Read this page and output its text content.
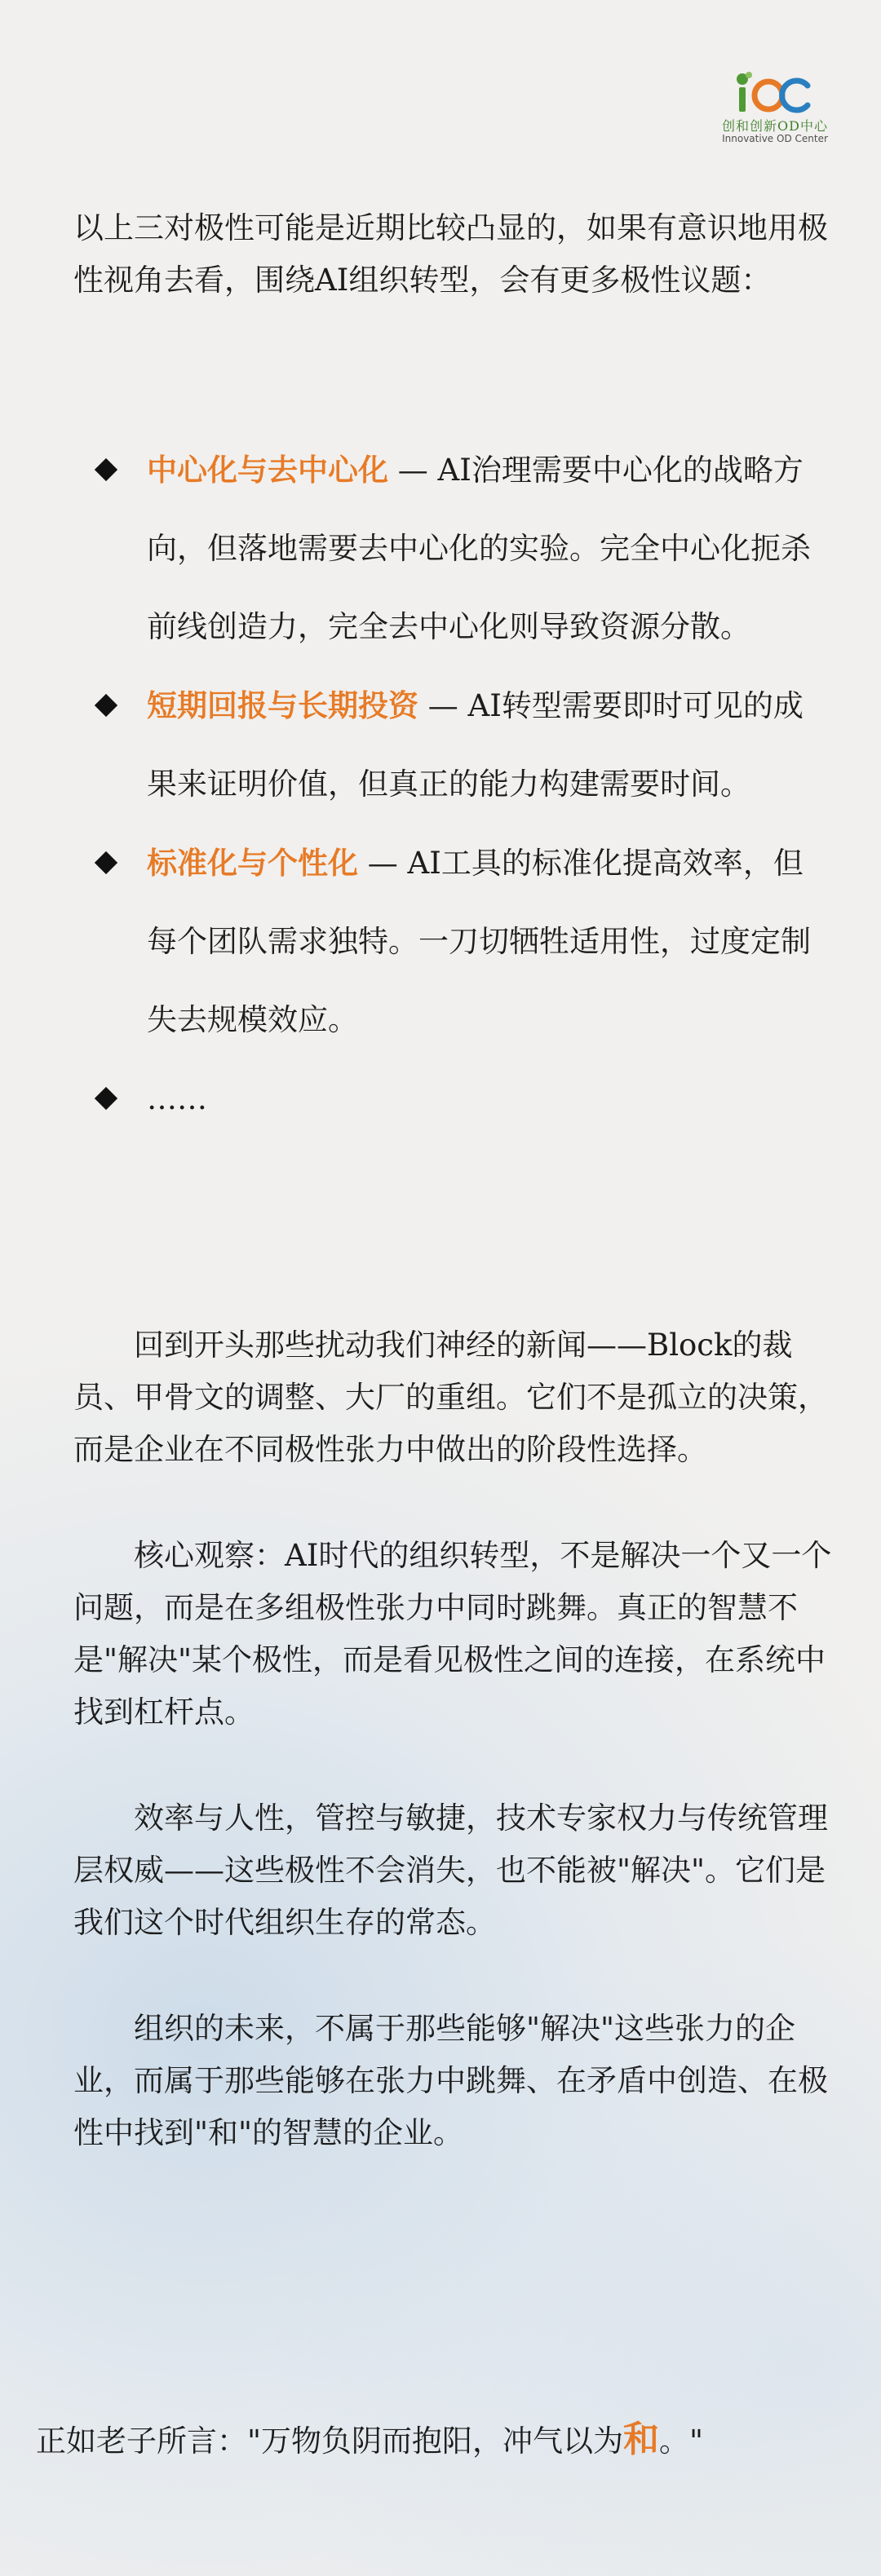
创和创新OD中心
Innovative OD Center
以上三对极性可能是近期比较凸显的，如果有意识地用极性视角去看，围绕AI组织转型，会有更多极性议题：
中心化与去中心化 — AI治理需要中心化的战略方向，但落地需要去中心化的实验。完全中心化扼杀前线创造力，完全去中心化则导致资源分散。
短期回报与长期投资 — AI转型需要即时可见的成果来证明价值，但真正的能力构建需要时间。
标准化与个性化 — AI工具的标准化提高效率，但每个团队需求独特。一刀切牺牲适用性，过度定制失去规模效应。
……

回到开头那些扰动我们神经的新闻——Block的裁员、甲骨文的调整、大厂的重组。它们不是孤立的决策，而是企业在不同极性张力中做出的阶段性选择。

核心观察：AI时代的组织转型，不是解决一个又一个问题，而是在多组极性张力中同时跳舞。真正的智慧不是"解决"某个极性，而是看见极性之间的连接，在系统中找到杠杆点。

效率与人性，管控与敏捷，技术专家权力与传统管理层权威——这些极性不会消失，也不能被"解决"。它们是我们这个时代组织生存的常态。

组织的未来，不属于那些能够"解决"这些张力的企业，而属于那些能够在张力中跳舞、在矛盾中创造、在极性中找到"和"的智慧的企业。

正如老子所言："万物负阴而抱阳，冲气以为和。"
